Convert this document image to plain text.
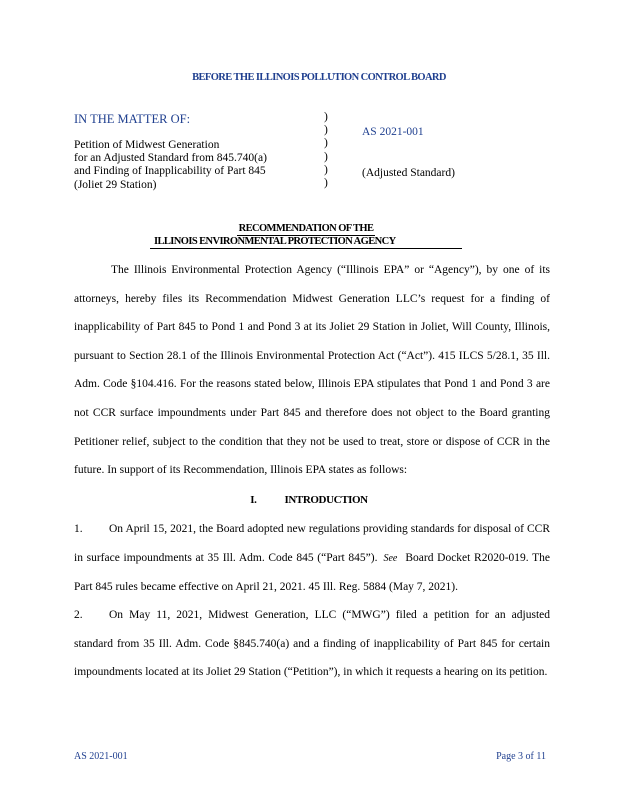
BEFORE THE ILLINOIS POLLUTION CONTROL BOARD
IN THE MATTER OF:
Petition of Midwest Generation
for an Adjusted Standard from 845.740(a)
and Finding of Inapplicability of Part 845
(Joliet 29 Station)
)
)
)
)
)
)
AS 2021-001
(Adjusted Standard)
RECOMMENDATION OF THE
ILLINOIS ENVIRONMENTAL PROTECTION AGENCY
The Illinois Environmental Protection Agency (“Illinois EPA” or “Agency”), by one of its attorneys, hereby files its Recommendation Midwest Generation LLC’s request for a finding of inapplicability of Part 845 to Pond 1 and Pond 3 at its Joliet 29 Station in Joliet, Will County, Illinois, pursuant to Section 28.1 of the Illinois Environmental Protection Act (“Act”). 415 ILCS 5/28.1, 35 Ill. Adm. Code §104.416. For the reasons stated below, Illinois EPA stipulates that Pond 1 and Pond 3 are not CCR surface impoundments under Part 845 and therefore does not object to the Board granting Petitioner relief, subject to the condition that they not be used to treat, store or dispose of CCR in the future. In support of its Recommendation, Illinois EPA states as follows:
I.	INTRODUCTION
1. On April 15, 2021, the Board adopted new regulations providing standards for disposal of CCR in surface impoundments at 35 Ill. Adm. Code 845 (“Part 845”). See Board Docket R2020-019. The Part 845 rules became effective on April 21, 2021. 45 Ill. Reg. 5884 (May 7, 2021).
2. On May 11, 2021, Midwest Generation, LLC (“MWG”) filed a petition for an adjusted standard from 35 Ill. Adm. Code §845.740(a) and a finding of inapplicability of Part 845 for certain impoundments located at its Joliet 29 Station (“Petition”), in which it requests a hearing on its petition.
AS 2021-001	Page 3 of 11
